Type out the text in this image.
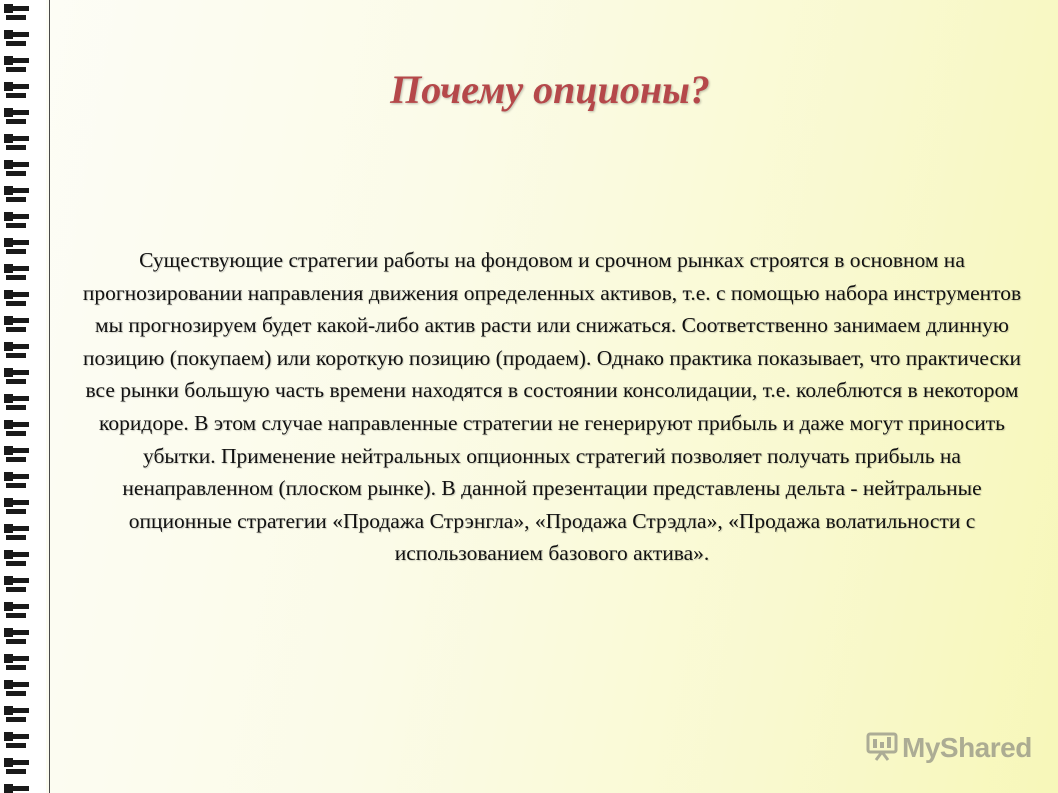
Почему опционы?

Существующие стратегии работы на фондовом и срочном рынках строятся в основном на прогнозировании направления движения определенных активов, т.е. с помощью набора инструментов мы прогнозируем будет какой-либо актив расти или снижаться. Соответственно занимаем длинную позицию (покупаем) или короткую позицию (продаем). Однако практика показывает, что практически все рынки большую часть времени находятся в состоянии консолидации, т.е. колеблются в некотором коридоре. В этом случае направленные стратегии не генерируют прибыль и даже могут приносить убытки. Применение нейтральных опционных стратегий позволяет получать прибыль на ненаправленном (плоском рынке). В данной презентации представлены дельта - нейтральные опционные стратегии «Продажа Стрэнгла», «Продажа Стрэдла», «Продажа волатильности с использованием базового актива».

MyShared
